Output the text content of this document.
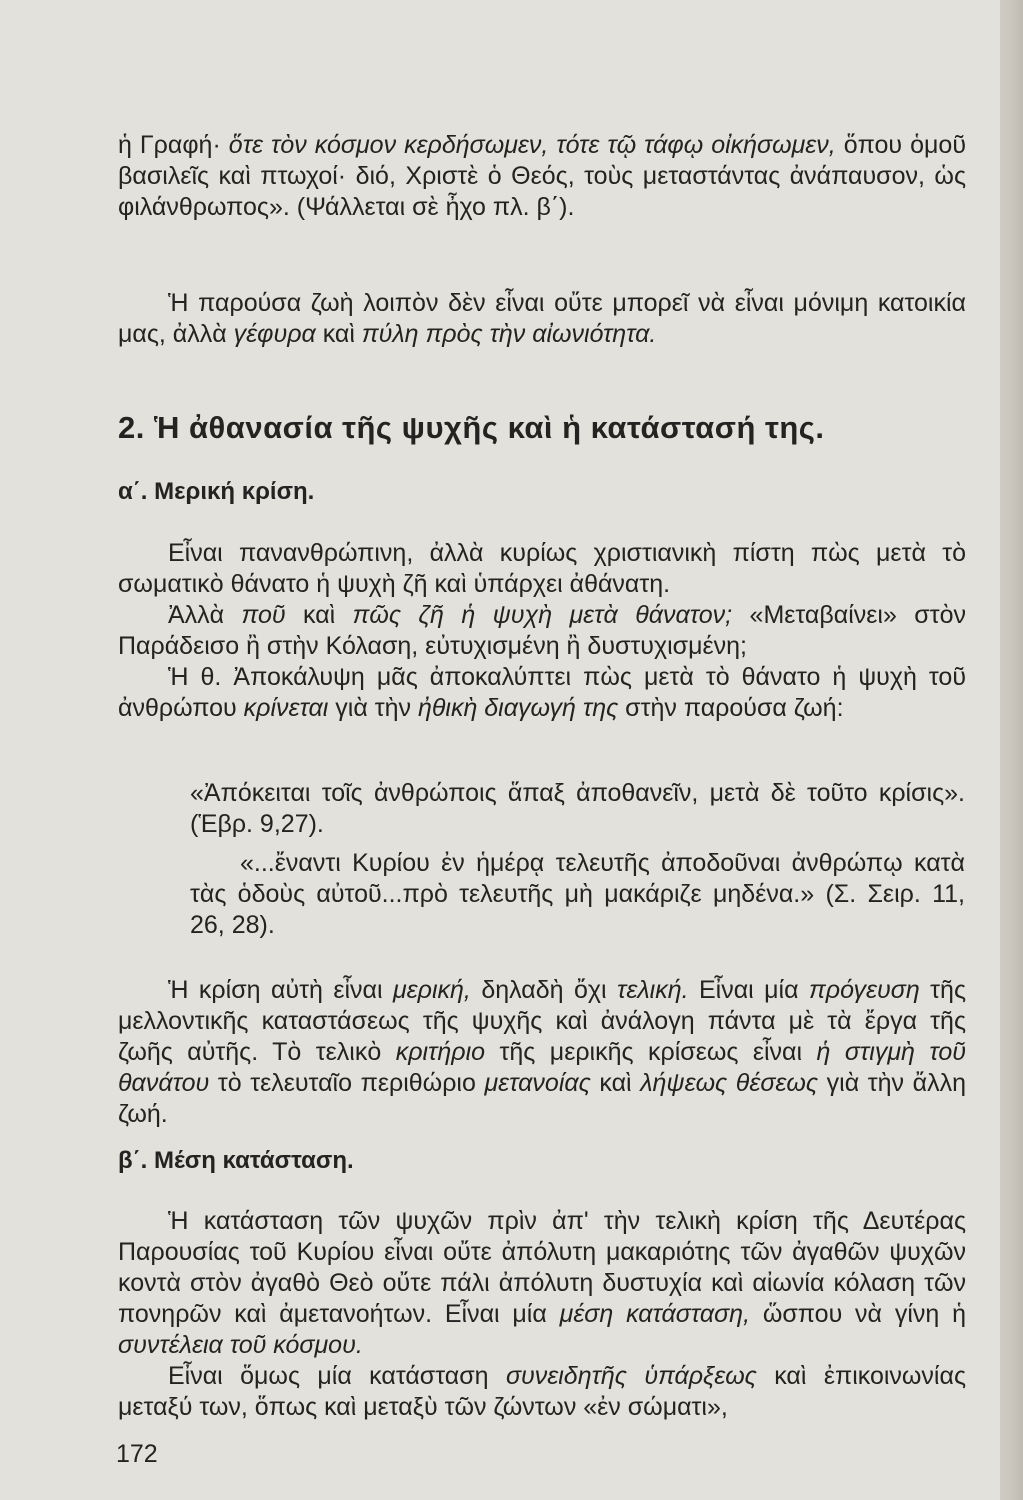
ἡ Γραφή· ὅτε τὸν κόσμον κερδήσωμεν, τότε τῷ τάφῳ οἰκήσωμεν, ὅπου ὁμοῦ βασιλεῖς καὶ πτωχοί· διό, Χριστὲ ὁ Θεός, τοὺς μεταστάντας ἀνάπαυσον, ὡς φιλάνθρωπος». (Ψάλλεται σὲ ἦχο πλ. β΄).

Ἡ παρούσα ζωὴ λοιπὸν δὲν εἶναι οὔτε μπορεῖ νὰ εἶναι μόνιμη κατοικία μας, ἀλλὰ γέφυρα καὶ πύλη πρὸς τὴν αἰωνιότητα.

2. Ἡ ἀθανασία τῆς ψυχῆς καὶ ἡ κατάστασή της.
α΄. Μερική κρίση.

Εἶναι πανανθρώπινη, ἀλλὰ κυρίως χριστιανικὴ πίστη πὼς μετὰ τὸ σωματικὸ θάνατο ἡ ψυχὴ ζῆ καὶ ὑπάρχει ἀθάνατη.

Ἀλλὰ ποῦ καὶ πῶς ζῆ ἡ ψυχὴ μετὰ θάνατον; «Μεταβαίνει» στὸν Παράδεισο ἢ στὴν Κόλαση, εὐτυχισμένη ἢ δυστυχισμένη;

Ἡ θ. Ἀποκάλυψη μᾶς ἀποκαλύπτει πὼς μετὰ τὸ θάνατο ἡ ψυχὴ τοῦ ἀνθρώπου κρίνεται γιὰ τὴν ἠθικὴ διαγωγή της στὴν παρούσα ζωή:

«Ἀπόκειται τοῖς ἀνθρώποις ἅπαξ ἀποθανεῖν, μετὰ δὲ τοῦτο κρίσις». (Ἑβρ. 9,27).

«...ἔναντι Κυρίου ἐν ἡμέρᾳ τελευτῆς ἀποδοῦναι ἀνθρώπῳ κατὰ τὰς ὁδοὺς αὐτοῦ...πρὸ τελευτῆς μὴ μακάριζε μηδένα.» (Σ. Σειρ. 11, 26, 28).

Ἡ κρίση αὐτὴ εἶναι μερική, δηλαδὴ ὄχι τελική. Εἶναι μία πρόγευση τῆς μελλοντικῆς καταστάσεως τῆς ψυχῆς καὶ ἀνάλογη πάντα μὲ τὰ ἔργα τῆς ζωῆς αὐτῆς. Τὸ τελικὸ κριτήριο τῆς μερικῆς κρίσεως εἶναι ἡ στιγμὴ τοῦ θανάτου τὸ τελευταῖο περιθώριο μετανοίας καὶ λήψεως θέσεως γιὰ τὴν ἄλλη ζωή.

β΄. Μέση κατάσταση.

Ἡ κατάσταση τῶν ψυχῶν πρὶν ἀπ' τὴν τελικὴ κρίση τῆς Δευτέρας Παρουσίας τοῦ Κυρίου εἶναι οὔτε ἀπόλυτη μακαριότης τῶν ἀγαθῶν ψυχῶν κοντὰ στὸν ἀγαθὸ Θεὸ οὔτε πάλι ἀπόλυτη δυστυχία καὶ αἰωνία κόλαση τῶν πονηρῶν καὶ ἀμετανοήτων. Εἶναι μία μέση κατάσταση, ὥσπου νὰ γίνη ἡ συντέλεια τοῦ κόσμου.

Εἶναι ὅμως μία κατάσταση συνειδητῆς ὑπάρξεως καὶ ἐπικοινωνίας μεταξύ των, ὅπως καὶ μεταξὺ τῶν ζώντων «ἐν σώματι»,

172
